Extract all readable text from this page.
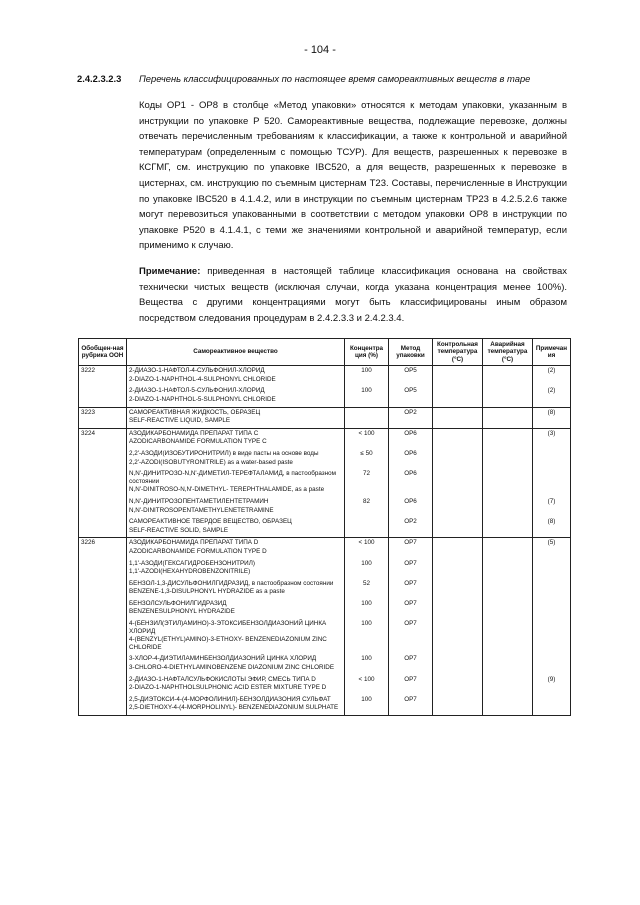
- 104 -
2.4.2.3.2.3 Перечень классифицированных по настоящее время самореактивных веществ в таре
Коды OP1 - OP8 в столбце «Метод упаковки» относятся к методам упаковки, указанным в инструкции по упаковке P 520. Самореактивные вещества, подлежащие перевозке, должны отвечать перечисленным требованиям к классификации, а также к контрольной и аварийной температурам (определенным с помощью ТСУР). Для веществ, разрешенных к перевозке в КСГМГ, см. инструкцию по упаковке IBC520, а для веществ, разрешенных к перевозке в цистернах, см. инструкцию по съемным цистернам T23. Составы, перечисленные в Инструкции по упаковке IBC520 в 4.1.4.2, или в инструкции по съемным цистернам TP23 в 4.2.5.2.6 также могут перевозиться упакованными в соответствии с методом упаковки OP8 в инструкции по упаковке P520 в 4.1.4.1, с теми же значениями контрольной и аварийной температур, если применимо к случаю.
Примечание: приведенная в настоящей таблице классификация основана на свойствах технически чистых веществ (исключая случаи, когда указана концентрация менее 100%). Вещества с другими концентрациями могут быть классифицированы иным образом посредством следования процедурам в 2.4.2.3.3 и 2.4.2.3.4.
Обобщен-ная рубрика ООН	Самореактивное вещество	Концентра ция (%)	Метод упаковки	Контрольная температура (°C)	Аварийная температура (°C)	Примечан ия
3222	2-ДИАЗО-1-НАФТОЛ-4-СУЛЬФОНИЛ-ХЛОРИД
2-DIAZO-1-NAPHTHOL-4-SULPHONYL CHLORIDE	100	OP5			(2)

	2-ДИАЗО-1-НАФТОЛ-5-СУЛЬФОНИЛ-ХЛОРИД
2-DIAZO-1-NAPHTHOL-5-SULPHONYL CHLORIDE	100	OP5			(2)
3223	САМОРЕАКТИВНАЯ ЖИДКОСТЬ, ОБРАЗЕЦ
SELF-REACTIVE LIQUID, SAMPLE		OP2			(8)
3224	АЗОДИКАРБОНАМИДА ПРЕПАРАТ ТИПА С
AZODICARBONAMIDE FORMULATION TYPE C	< 100	OP6			(3)

	2,2'-АЗОДИ(ИЗОБУТИРОНИТРИЛ) в виде пасты на основе воды
2,2'-AZODI(ISOBUTYRONITRILE) as a water-based paste	≤ 50	OP6			

	N,N'-ДИНИТРОЗО-N,N'-ДИМЕТИЛ-ТЕРЕФТАЛАМИД, в пастообразном состоянии
N,N'-DINITROSO-N,N'-DIMETHYL- TEREPHTHALAMIDE, as a paste	72	OP6			

	N,N'-ДИНИТРОЗОПЕНТАМЕТИЛЕНТЕТРАМИН
N,N'-DINITROSOPENTAMETHYLENETETRAMINE	82	OP6			(7)

	САМОРЕАКТИВНОЕ ТВЕРДОЕ ВЕЩЕСТВО, ОБРАЗЕЦ
SELF-REACTIVE SOLID, SAMPLE		OP2			(8)
3226	АЗОДИКАРБОНАМИДА ПРЕПАРАТ ТИПА D
AZODICARBONAMIDE FORMULATION TYPE D	< 100	OP7			(5)

	1,1'-АЗОДИ(ГЕКСАГИДРОБЕНЗОНИТРИЛ)
1,1'-AZODI(HEXAHYDROBENZONITRILE)	100	OP7			

	БЕНЗОЛ-1,3-ДИСУЛЬФОНИЛГИДРАЗИД, в пастообразном состоянии
BENZENE-1,3-DISULPHONYL HYDRAZIDE as a paste	52	OP7			

	БЕНЗОЛСУЛЬФОНИЛГИДРАЗИД
BENZENESULPHONYL HYDRAZIDE	100	OP7			

	4-(БЕНЗИЛ(ЭТИЛ)АМИНО)-3-ЭТОКСИБЕНЗОЛДИАЗОНИЙ ЦИНКА ХЛОРИД
4-(BENZYL(ETHYL)AMINO)-3-ETHOXY- BENZENEDIAZONIUM ZINC CHLORIDE	100	OP7			

	3-ХЛОР-4-ДИЭТИЛАМИНБЕНЗОЛДИАЗОНИЙ ЦИНКА ХЛОРИД
3-CHLORO-4-DIETHYLAMINOBENZENE DIAZONIUM ZINC CHLORIDE	100	OP7			

	2-ДИАЗО-1-НАФТАЛСУЛЬФОКИСЛОТЫ ЭФИР, СМЕСЬ ТИПА D
2-DIAZO-1-NAPHTHOLSULPHONIC ACID ESTER MIXTURE TYPE D	< 100	OP7			(9)

	2,5-ДИЭТОКСИ-4-(4-МОРФОЛИНИЛ)-БЕНЗОЛДИАЗОНИЯ СУЛЬФАТ
2,5-DIETHOXY-4-(4-MORPHOLINYL)- BENZENEDIAZONIUM SULPHATE	100	OP7			
